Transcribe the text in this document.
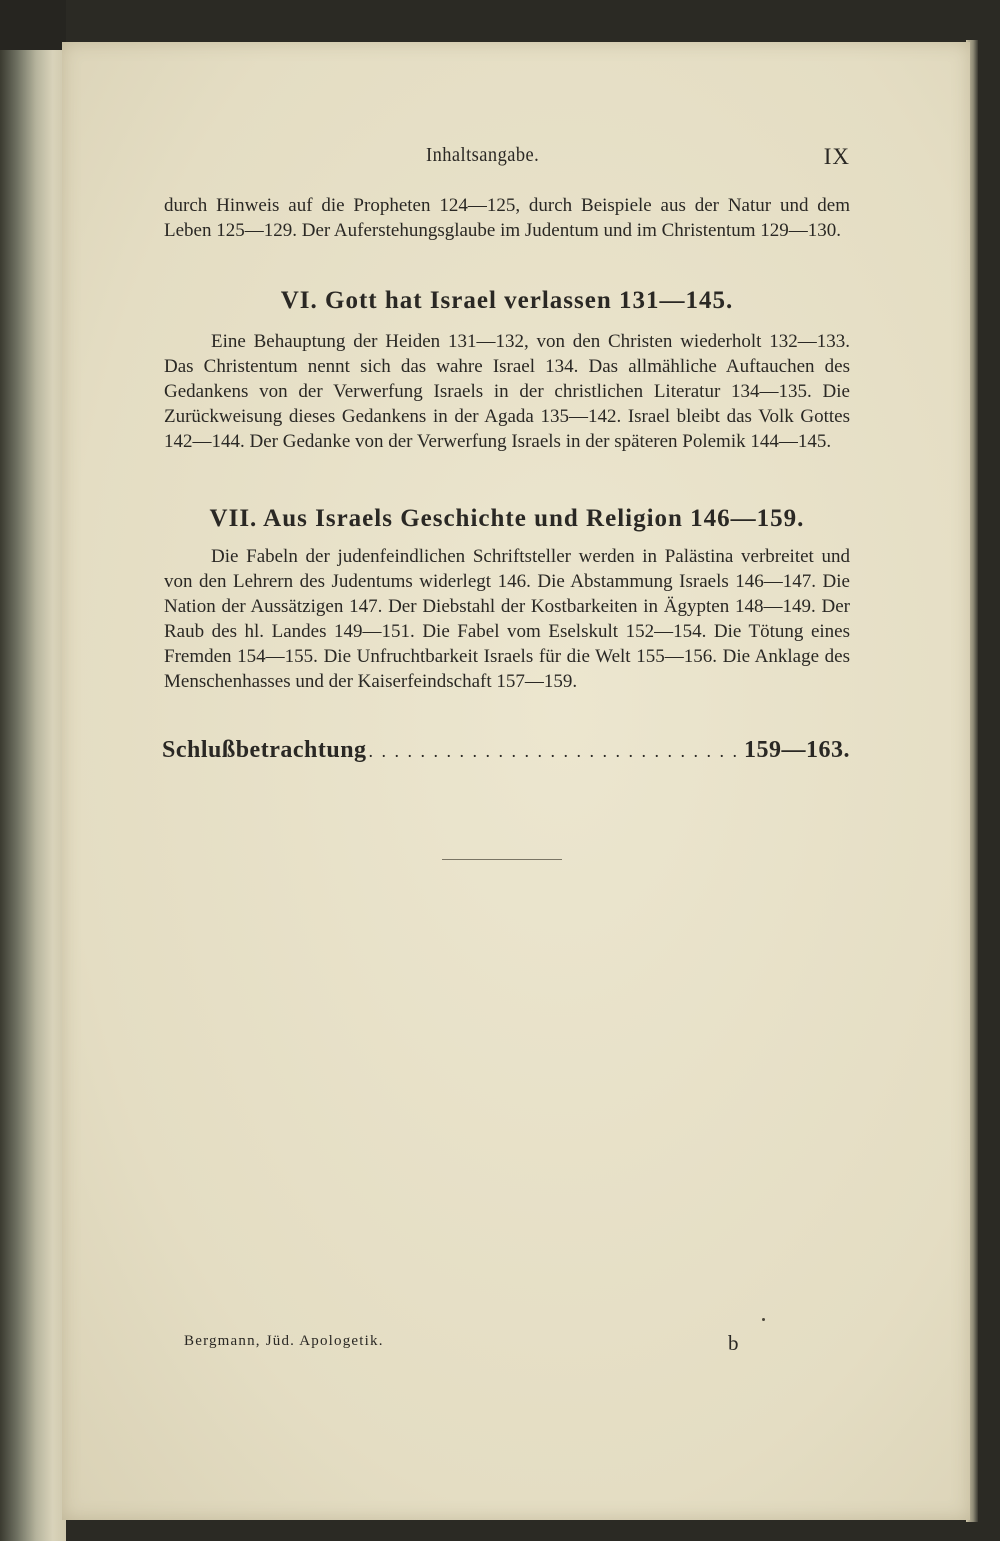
Inhaltsangabe.	IX
durch Hinweis auf die Propheten 124—125, durch Beispiele aus der Natur und dem Leben 125—129. Der Auferstehungsglaube im Judentum und im Christentum 129—130.
VI. Gott hat Israel verlassen 131—145.
Eine Behauptung der Heiden 131—132, von den Christen wiederholt 132—133. Das Christentum nennt sich das wahre Israel 134. Das allmähliche Auftauchen des Gedankens von der Verwerfung Israels in der christlichen Literatur 134—135. Die Zurückweisung dieses Gedankens in der Agada 135—142. Israel bleibt das Volk Gottes 142—144. Der Gedanke von der Verwerfung Israels in der späteren Polemik 144—145.
VII. Aus Israels Geschichte und Religion 146—159.
Die Fabeln der judenfeindlichen Schriftsteller werden in Palästina verbreitet und von den Lehrern des Judentums widerlegt 146. Die Abstammung Israels 146—147. Die Nation der Aussätzigen 147. Der Diebstahl der Kostbarkeiten in Ägypten 148—149. Der Raub des hl. Landes 149—151. Die Fabel vom Eselskult 152—154. Die Tötung eines Fremden 154—155. Die Unfruchtbarkeit Israels für die Welt 155—156. Die Anklage des Menschenhasses und der Kaiserfeindschaft 157—159.
Schlußbetrachtung
. . .	159—163.
Bergmann, Jüd. Apologetik.	b
